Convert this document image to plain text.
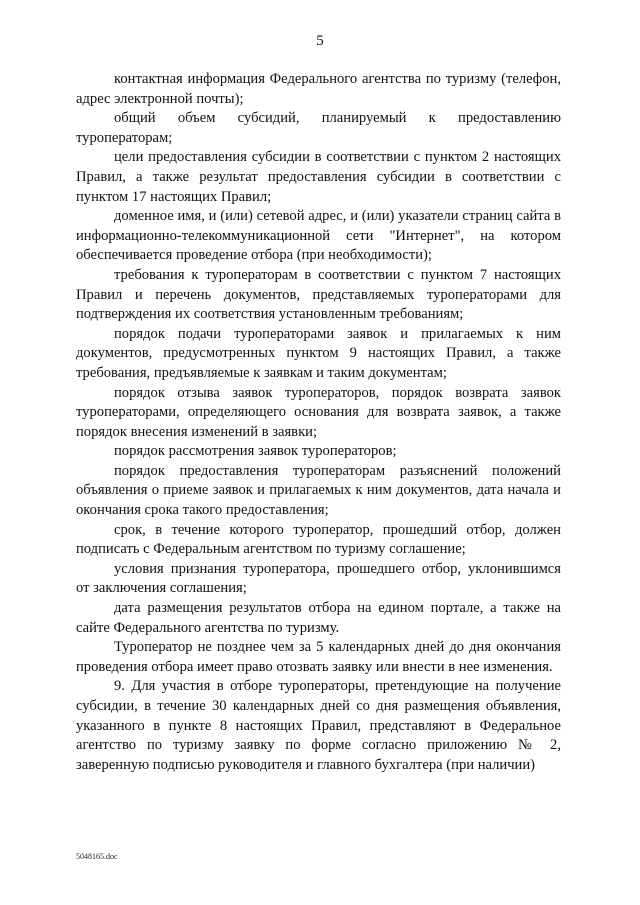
5

контактная информация Федерального агентства по туризму (телефон, адрес электронной почты);

общий объем субсидий, планируемый к предоставлению туроператорам;

цели предоставления субсидии в соответствии с пунктом 2 настоящих Правил, а также результат предоставления субсидии в соответствии с пунктом 17 настоящих Правил;

доменное имя, и (или) сетевой адрес, и (или) указатели страниц сайта в информационно-телекоммуникационной сети "Интернет", на котором обеспечивается проведение отбора (при необходимости);

требования к туроператорам в соответствии с пунктом 7 настоящих Правил и перечень документов, представляемых туроператорами для подтверждения их соответствия установленным требованиям;

порядок подачи туроператорами заявок и прилагаемых к ним документов, предусмотренных пунктом 9 настоящих Правил, а также требования, предъявляемые к заявкам и таким документам;

порядок отзыва заявок туроператоров, порядок возврата заявок туроператорами, определяющего основания для возврата заявок, а также порядок внесения изменений в заявки;

порядок рассмотрения заявок туроператоров;

порядок предоставления туроператорам разъяснений положений объявления о приеме заявок и прилагаемых к ним документов, дата начала и окончания срока такого предоставления;

срок, в течение которого туроператор, прошедший отбор, должен подписать с Федеральным агентством по туризму соглашение;

условия признания туроператора, прошедшего отбор, уклонившимся от заключения соглашения;

дата размещения результатов отбора на едином портале, а также на сайте Федерального агентства по туризму.

Туроператор не позднее чем за 5 календарных дней до дня окончания проведения отбора имеет право отозвать заявку или внести в нее изменения.

9. Для участия в отборе туроператоры, претендующие на получение субсидии, в течение 30 календарных дней со дня размещения объявления, указанного в пункте 8 настоящих Правил, представляют в Федеральное агентство по туризму заявку по форме согласно приложению № 2, заверенную подписью руководителя и главного бухгалтера (при наличии)

5048165.doc
